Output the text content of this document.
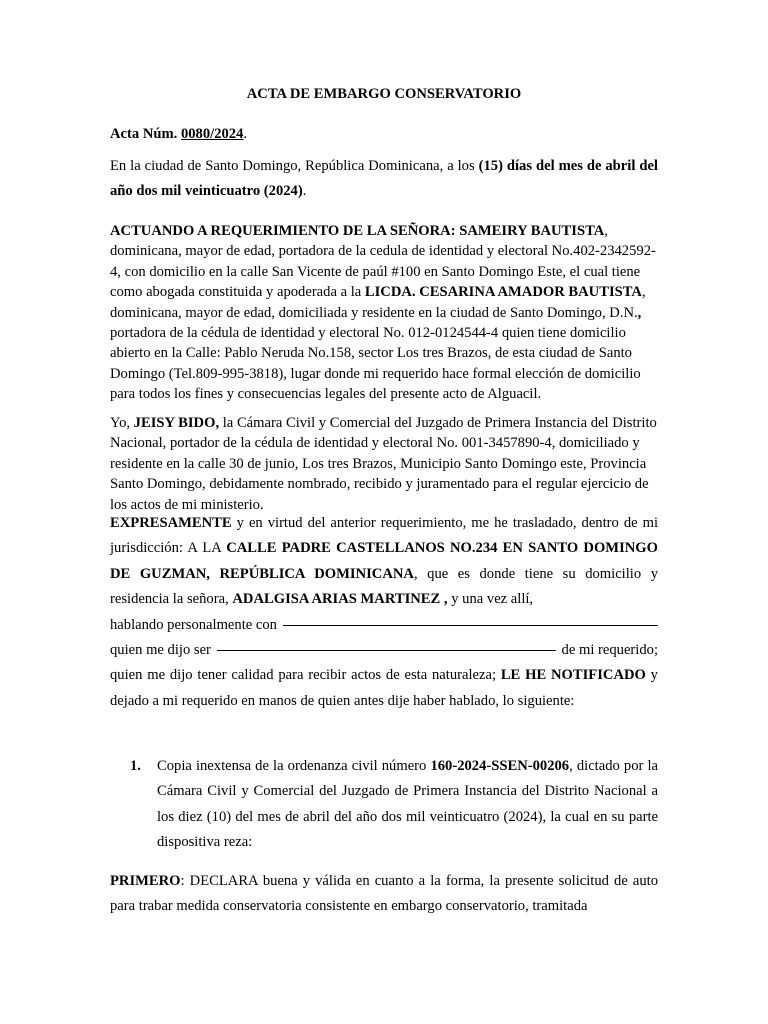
ACTA DE EMBARGO CONSERVATORIO
Acta Núm. 0080/2024.
En la ciudad de Santo Domingo, República Dominicana, a los (15) días del mes de abril del año dos mil veinticuatro (2024).
ACTUANDO A REQUERIMIENTO DE LA SEÑORA: SAMEIRY BAUTISTA, dominicana, mayor de edad, portadora de la cedula de identidad y electoral No.402-2342592-4, con domicilio en la calle San Vicente de paúl #100 en Santo Domingo Este, el cual tiene como abogada constituida y apoderada a la LICDA. CESARINA AMADOR BAUTISTA, dominicana, mayor de edad, domiciliada y residente en la ciudad de Santo Domingo, D.N., portadora de la cédula de identidad y electoral No. 012-0124544-4 quien tiene domicilio abierto en la Calle: Pablo Neruda No.158, sector Los tres Brazos, de esta ciudad de Santo Domingo (Tel.809-995-3818), lugar donde mi requerido hace formal elección de domicilio para todos los fines y consecuencias legales del presente acto de Alguacil.
Yo, JEISY BIDO, la Cámara Civil y Comercial del Juzgado de Primera Instancia del Distrito Nacional, portador de la cédula de identidad y electoral No. 001-3457890-4, domiciliado y residente en la calle 30 de junio, Los tres Brazos, Municipio Santo Domingo este, Provincia Santo Domingo, debidamente nombrado, recibido y juramentado para el regular ejercicio de los actos de mi ministerio.
EXPRESAMENTE y en virtud del anterior requerimiento, me he trasladado, dentro de mi jurisdicción: A LA CALLE PADRE CASTELLANOS NO.234 EN SANTO DOMINGO DE GUZMAN, REPÚBLICA DOMINICANA, que es donde tiene su domicilio y residencia la señora, ADALGISA ARIAS MARTINEZ , y una vez allí,
hablando personalmente con
quien me dijo ser	de mi requerido;
quien me dijo tener calidad para recibir actos de esta naturaleza; LE HE NOTIFICADO y dejado a mi requerido en manos de quien antes dije haber hablado, lo siguiente:
1. Copia inextensa de la ordenanza civil número 160-2024-SSEN-00206, dictado por la Cámara Civil y Comercial del Juzgado de Primera Instancia del Distrito Nacional a los diez (10) del mes de abril del año dos mil veinticuatro (2024), la cual en su parte dispositiva reza:
PRIMERO: DECLARA buena y válida en cuanto a la forma, la presente solicitud de auto para trabar medida conservatoria consistente en embargo conservatorio, tramitada
